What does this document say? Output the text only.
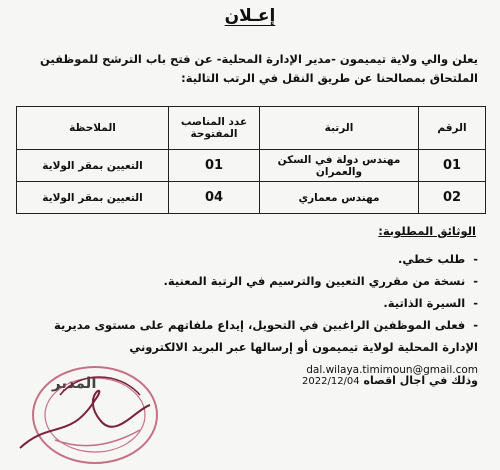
إعـلان
يعلن والي ولاية تيميمون -مدير الإدارة المحلية- عن فتح باب الترشح للموظفين الملتحاق بمصالحنا عن طريق النقل في الرتب التالية:
الرقم	الرتبة	عدد المناصب المفتوحة	الملاحظة
01	مهندس دولة في السكن والعمران	01	التعيين بمقر الولاية
02	مهندس معماري	04	التعيين بمقر الولاية
الوثائق المطلوبة:
-طلب خطي.
-نسخة من مقرري التعيين والترسيم في الرتبة المعنية.
-السيرة الذاتية.
-فعلى الموظفين الراغبين في التحويل، إيداع ملفاتهم على مستوى مديرية الإدارة المحلية لولاية تيميمون أو إرسالها عبر البريد الالكتروني dal.wilaya.timimoun@gmail.com
وذلك في اجال اقصاه 2022/12/04
المدير
